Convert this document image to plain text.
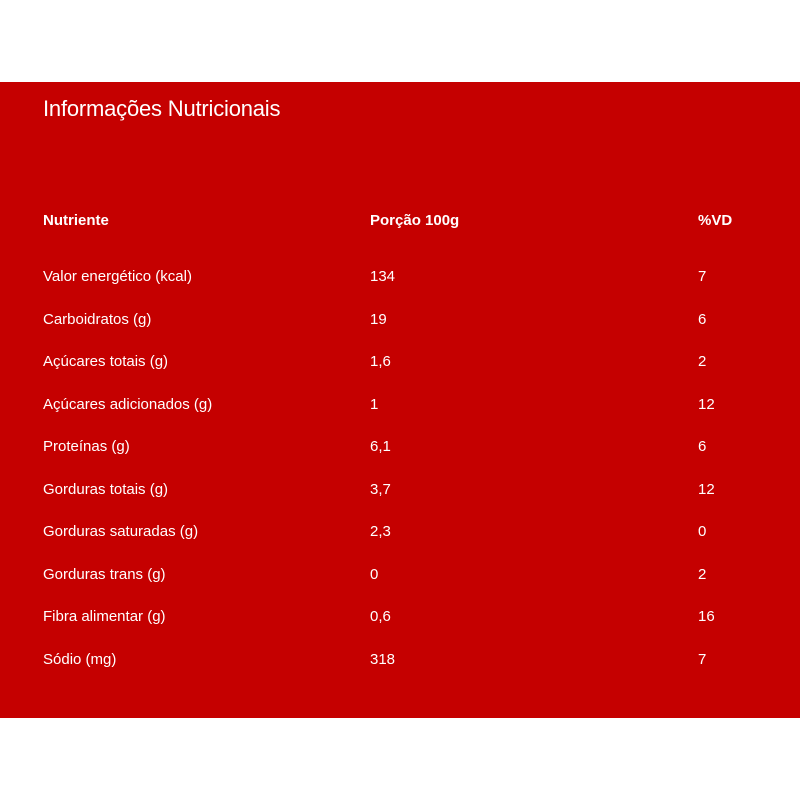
Informações Nutricionais
Nutriente	Porção 100g	%VD
Valor energético (kcal)	134	7
Carboidratos (g)	19	6
Açúcares totais (g)	1,6	2
Açúcares adicionados (g)	1	12
Proteínas (g)	6,1	6
Gorduras totais (g)	3,7	12
Gorduras saturadas (g)	2,3	0
Gorduras trans (g)	0	2
Fibra alimentar (g)	0,6	16
Sódio (mg)	318	7
